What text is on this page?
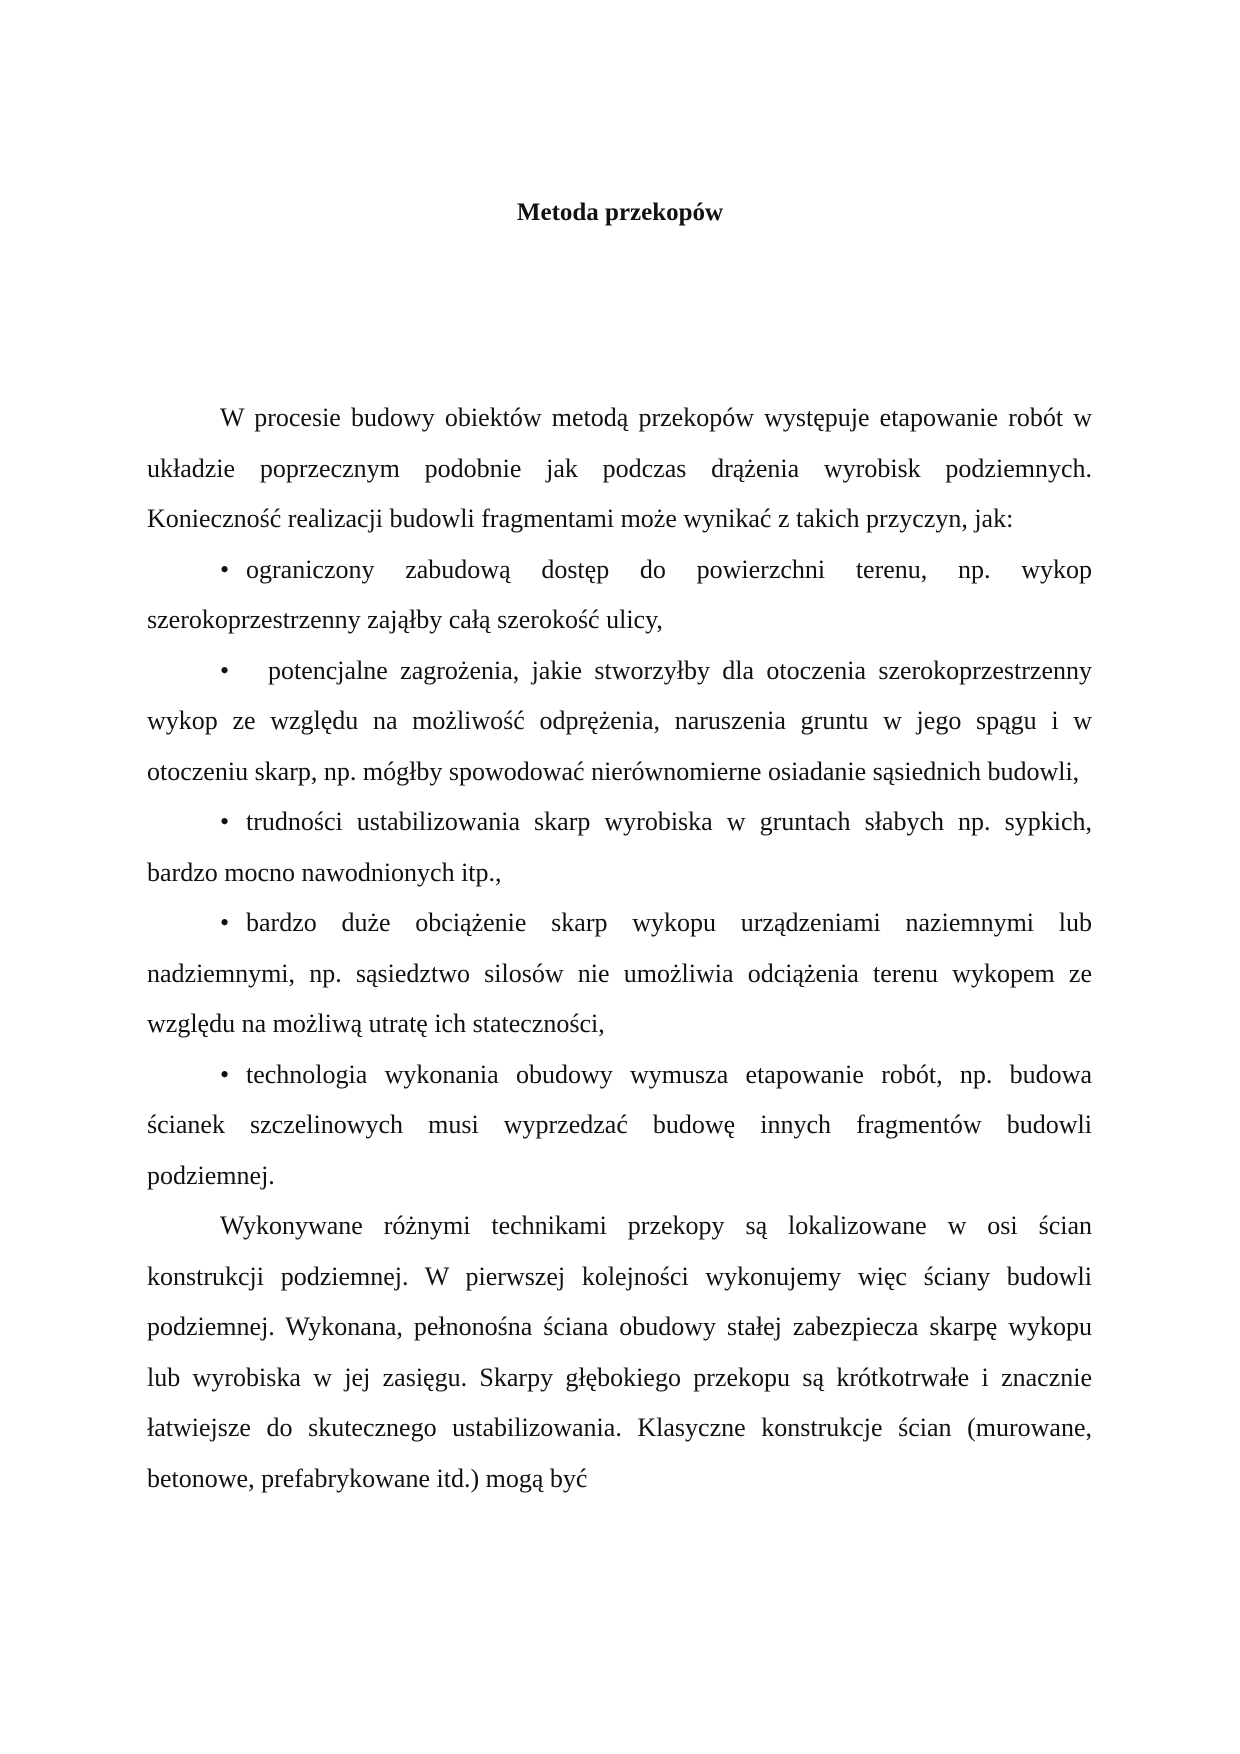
Metoda przekopów

W procesie budowy obiektów metodą przekopów występuje etapowanie robót w układzie poprzecznym podobnie jak podczas drążenia wyrobisk podziemnych. Konieczność realizacji budowli fragmentami może wynikać z takich przyczyn, jak:

• ograniczony zabudową dostęp do powierzchni terenu, np. wykop szerokoprzestrzenny zająłby całą szerokość ulicy,

• potencjalne zagrożenia, jakie stworzyłby dla otoczenia szerokoprzestrzenny wykop ze względu na możliwość odprężenia, naruszenia gruntu w jego spągu i w otoczeniu skarp, np. mógłby spowodować nierównomierne osiadanie sąsiednich budowli,

• trudności ustabilizowania skarp wyrobiska w gruntach słabych np. sypkich, bardzo mocno nawodnionych itp.,

• bardzo duże obciążenie skarp wykopu urządzeniami naziemnymi lub nadziemnymi, np. sąsiedztwo silosów nie umożliwia odciążenia terenu wykopem ze względu na możliwą utratę ich stateczności,

• technologia wykonania obudowy wymusza etapowanie robót, np. budowa ścianek szczelinowych musi wyprzedzać budowę innych fragmentów budowli podziemnej.

Wykonywane różnymi technikami przekopy są lokalizowane w osi ścian konstrukcji podziemnej. W pierwszej kolejności wykonujemy więc ściany budowli podziemnej. Wykonana, pełnonośna ściana obudowy stałej zabezpiecza skarpę wykopu lub wyrobiska w jej zasięgu. Skarpy głębokiego przekopu są krótkotrwałe i znacznie łatwiejsze do skutecznego ustabilizowania. Klasyczne konstrukcje ścian (murowane, betonowe, prefabrykowane itd.) mogą być
